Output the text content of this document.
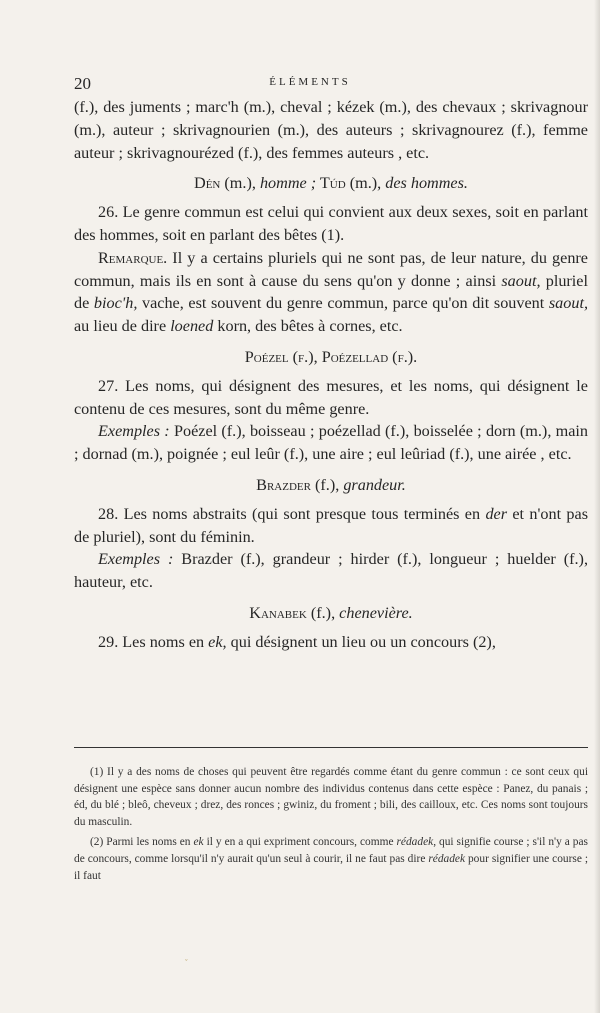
20	ÉLÉMENTS

(f.), des juments ; marc'h (m.), cheval ; kézek (m.), des chevaux ; skrivagnour (m.), auteur ; skrivagnourien (m.), des auteurs ; skrivagnourez (f.), femme auteur ; skrivagnourézed (f.), des femmes auteurs , etc.

Dén (m.), homme ; Túd (m.), des hommes.

26. Le genre commun est celui qui convient aux deux sexes, soit en parlant des hommes, soit en parlant des bêtes (1).

Remarque. Il y a certains pluriels qui ne sont pas, de leur nature, du genre commun, mais ils en sont à cause du sens qu'on y donne ; ainsi saout, pluriel de bioc'h, vache, est souvent du genre commun, parce qu'on dit souvent saout, au lieu de dire loened korn, des bêtes à cornes, etc.

Poézel (f.), Poézellad (f.).

27. Les noms, qui désignent des mesures, et les noms, qui désignent le contenu de ces mesures, sont du même genre.

Exemples : Poézel (f.), boisseau ; poézellad (f.), boisselée ; dorn (m.), main ; dornad (m.), poignée ; eul leûr (f.), une aire ; eul leûriad (f.), une airée , etc.

Brazder (f.), grandeur.

28. Les noms abstraits (qui sont presque tous terminés en der et n'ont pas de pluriel), sont du féminin.

Exemples : Brazder (f.), grandeur ; hirder (f.), longueur ; huelder (f.), hauteur, etc.

Kanabek (f.), chenevière.

29. Les noms en ek, qui désignent un lieu ou un concours (2),

(1) Il y a des noms de choses qui peuvent être regardés comme étant du genre commun : ce sont ceux qui désignent une espèce sans donner aucun nombre des individus contenus dans cette espèce : Panez, du panais ; éd, du blé ; bleô, cheveux ; drez, des ronces ; gwiniz, du froment ; bili, des cailloux, etc. Ces noms sont toujours du masculin.

(2) Parmi les noms en ek il y en a qui expriment concours, comme rédadek, qui signifie course ; s'il n'y a pas de concours, comme lorsqu'il n'y aurait qu'un seul à courir, il ne faut pas dire rédadek pour signifier une course ; il faut

ˇ
